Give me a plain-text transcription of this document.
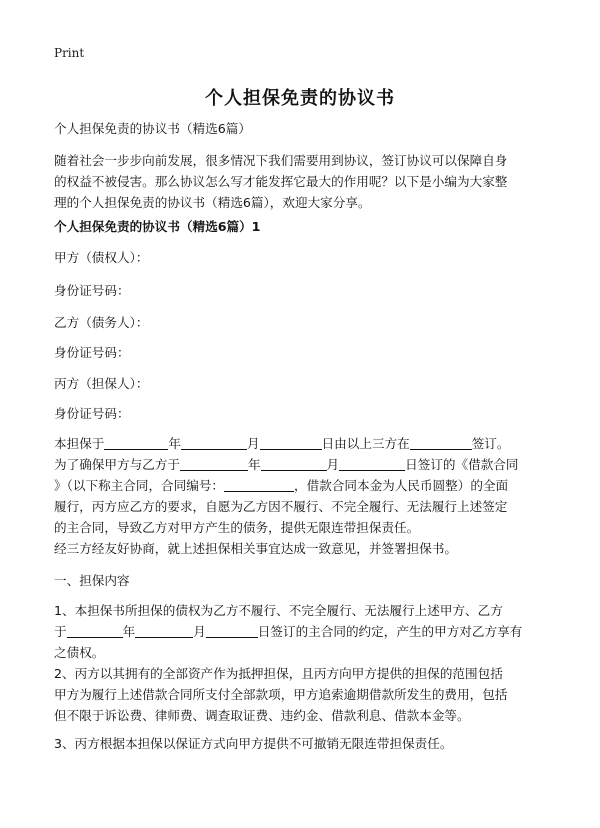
Print
个人担保免责的协议书
个人担保免责的协议书（精选6篇）
随着社会一步步向前发展，很多情况下我们需要用到协议，签订协议可以保障自身
的权益不被侵害。那么协议怎么写才能发挥它最大的作用呢？以下是小编为大家整
理的个人担保免责的协议书（精选6篇），欢迎大家分享。
个人担保免责的协议书（精选6篇）1
甲方（债权人）：
身份证号码：
乙方（债务人）：
身份证号码：
丙方（担保人）：
身份证号码：
本担保于	年	月	日由以上三方在	签订。
为了确保甲方与乙方于	年	月	日签订的《借款合同
》（以下称主合同，合同编号：	，借款合同本金为人民币圆整）的全面
履行，丙方应乙方的要求，自愿为乙方因不履行、不完全履行、无法履行上述签定
的主合同，导致乙方对甲方产生的债务，提供无限连带担保责任。
经三方经友好协商，就上述担保相关事宜达成一致意见，并签署担保书。
一、担保内容
1、本担保书所担保的债权为乙方不履行、不完全履行、无法履行上述甲方、乙方
于	年	月	日签订的主合同的约定，产生的甲方对乙方享有
之债权。
2、丙方以其拥有的全部资产作为抵押担保，且丙方向甲方提供的担保的范围包括
甲方为履行上述借款合同所支付全部款项，甲方追索逾期借款所发生的费用，包括
但不限于诉讼费、律师费、调查取证费、违约金、借款利息、借款本金等。
3、丙方根据本担保以保证方式向甲方提供不可撤销无限连带担保责任。
